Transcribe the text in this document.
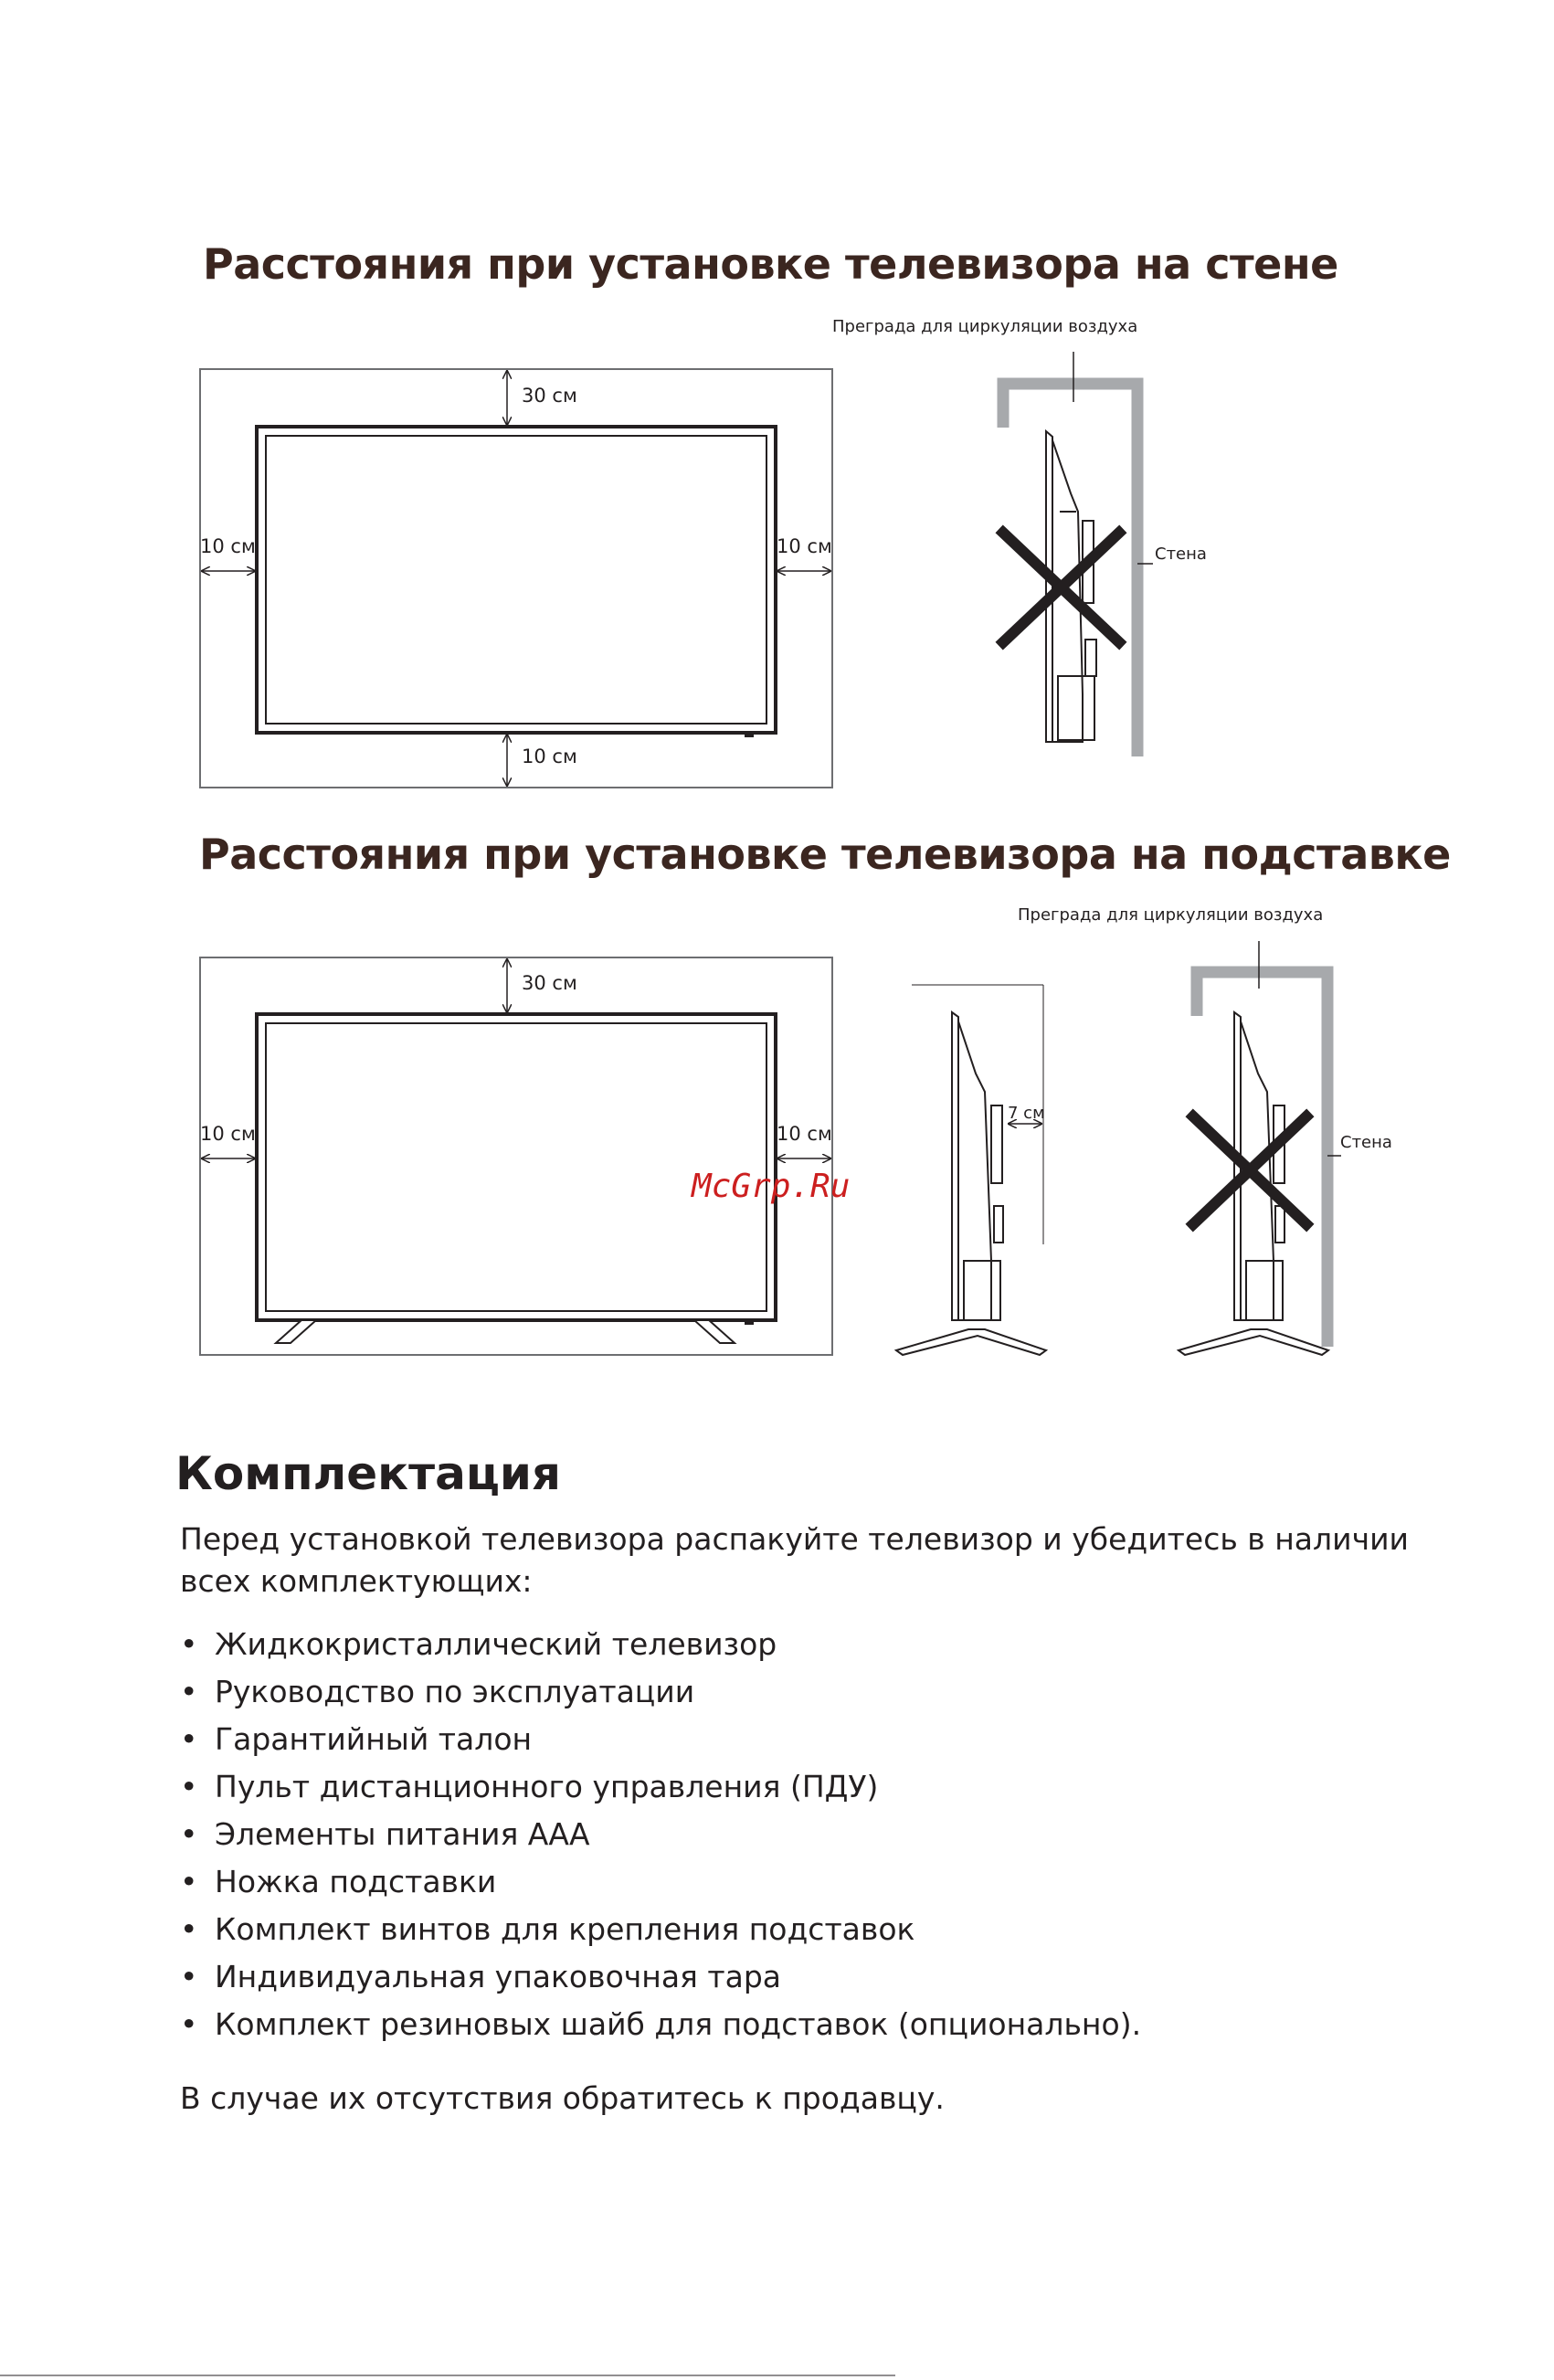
Расстояния при установке телевизора на стене
30 см
10 см	10 см
10 см
Преграда для циркуляции воздуха
Стена
Расстояния при установке телевизора на подставке
30 см
10 см	10 см
7 см
Преграда для циркуляции воздуха
Стена
McGrp.Ru
Комплектация
Перед установкой телевизора распакуйте телевизор и убедитесь в наличии
всех комплектующих:
• Жидкокристаллический телевизор
• Руководство по эксплуатации
• Гарантийный талон
• Пульт дистанционного управления (ПДУ)
• Элементы питания ААА
• Ножка подставки
• Комплект винтов для крепления подставок
• Индивидуальная упаковочная тара
• Комплект резиновых шайб для подставок (опционально).
В случае их отсутствия обратитесь к продавцу.
